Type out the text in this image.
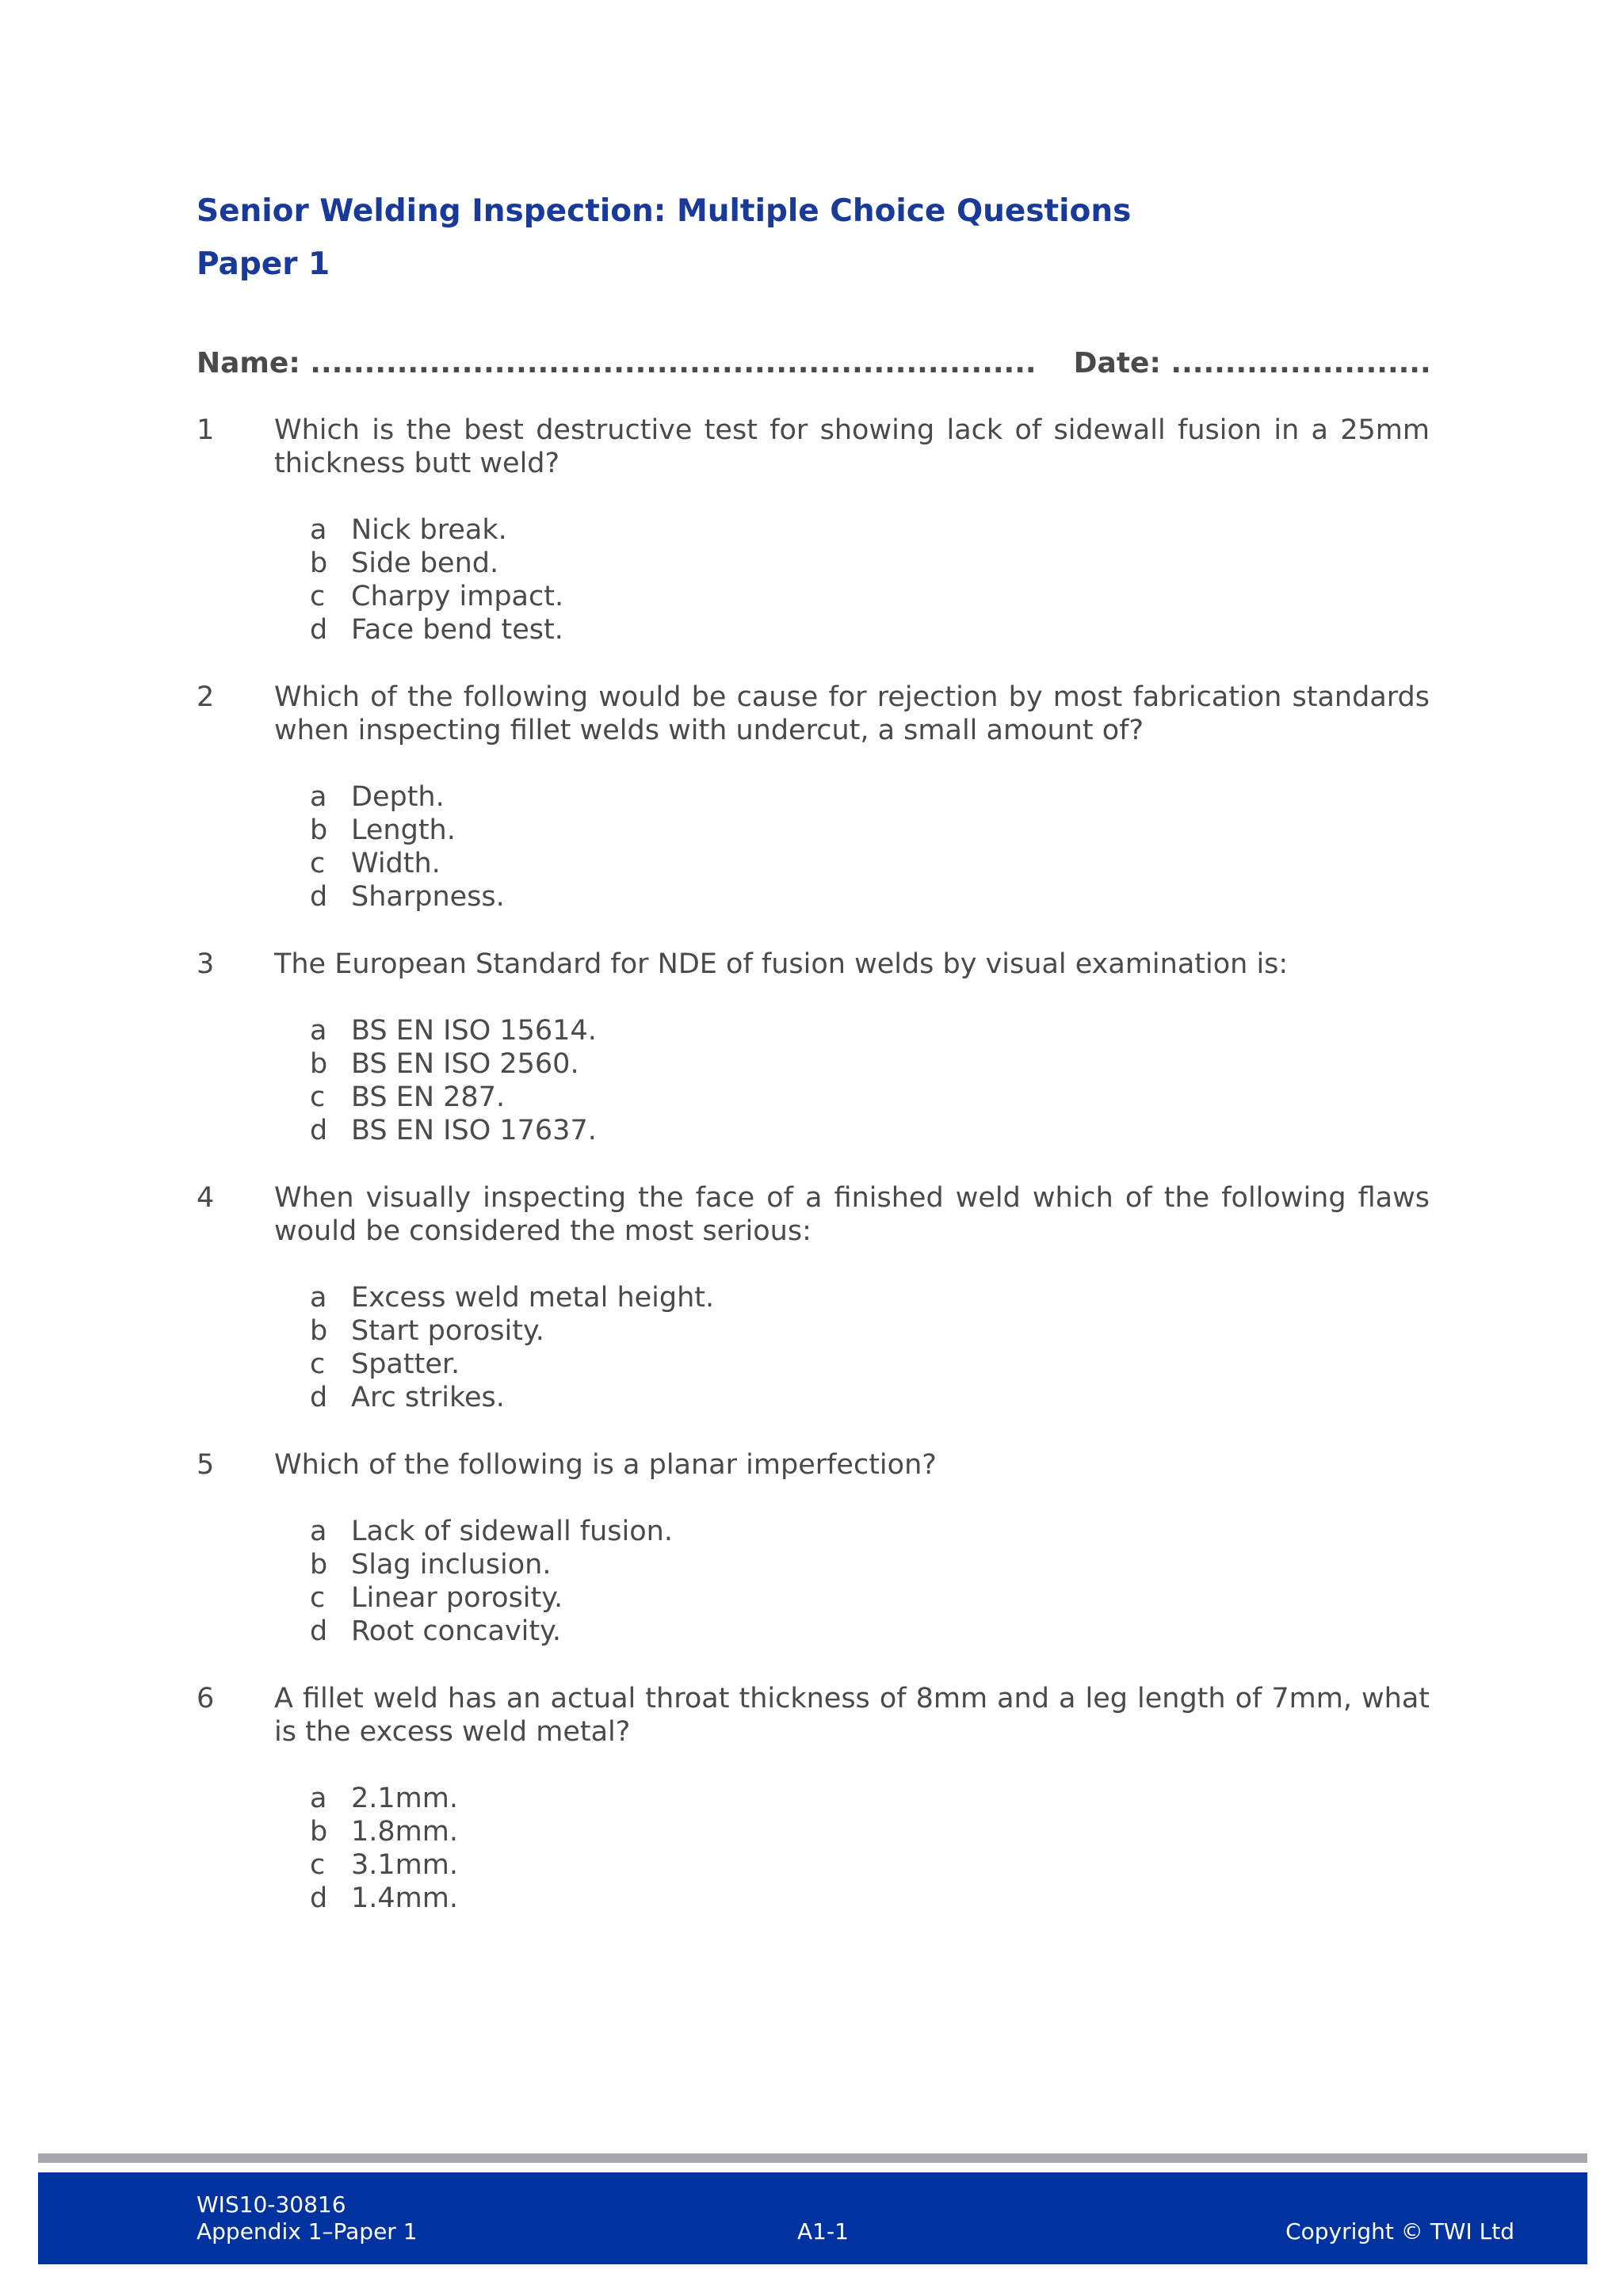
Senior Welding Inspection: Multiple Choice Questions
Paper 1
Name: ................................................................... Date: ........................
1 Which is the best destructive test for showing lack of sidewall fusion in a 25mm thickness butt weld?
a Nick break.
b Side bend.
c Charpy impact.
d Face bend test.
2 Which of the following would be cause for rejection by most fabrication standards when inspecting fillet welds with undercut, a small amount of?
a Depth.
b Length.
c Width.
d Sharpness.
3 The European Standard for NDE of fusion welds by visual examination is:
a BS EN ISO 15614.
b BS EN ISO 2560.
c BS EN 287.
d BS EN ISO 17637.
4 When visually inspecting the face of a finished weld which of the following flaws would be considered the most serious:
a Excess weld metal height.
b Start porosity.
c Spatter.
d Arc strikes.
5 Which of the following is a planar imperfection?
a Lack of sidewall fusion.
b Slag inclusion.
c Linear porosity.
d Root concavity.
6 A fillet weld has an actual throat thickness of 8mm and a leg length of 7mm, what is the excess weld metal?
a 2.1mm.
b 1.8mm.
c 3.1mm.
d 1.4mm.
WIS10-30816
Appendix 1–Paper 1	A1-1	Copyright © TWI Ltd
